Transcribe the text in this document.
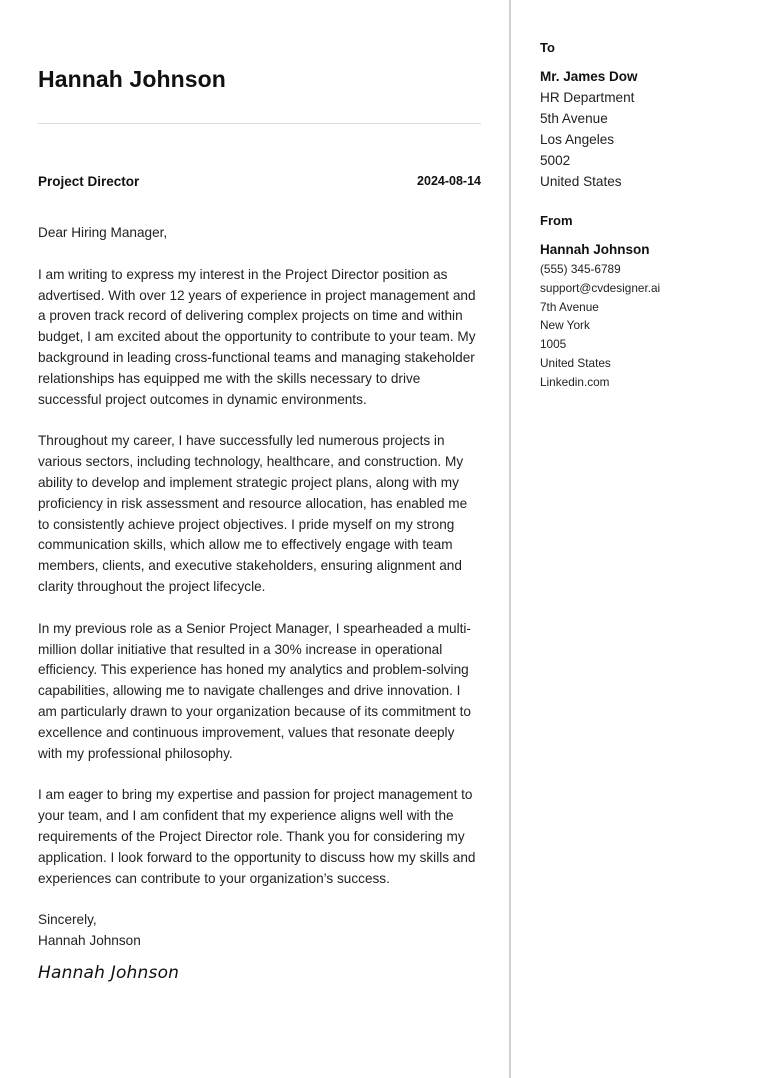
Hannah Johnson
Project Director	2024-08-14

Dear Hiring Manager,

I am writing to express my interest in the Project Director position as advertised. With over 12 years of experience in project management and a proven track record of delivering complex projects on time and within budget, I am excited about the opportunity to contribute to your team. My background in leading cross-functional teams and managing stakeholder relationships has equipped me with the skills necessary to drive successful project outcomes in dynamic environments.

Throughout my career, I have successfully led numerous projects in various sectors, including technology, healthcare, and construction. My ability to develop and implement strategic project plans, along with my proficiency in risk assessment and resource allocation, has enabled me to consistently achieve project objectives. I pride myself on my strong communication skills, which allow me to effectively engage with team members, clients, and executive stakeholders, ensuring alignment and clarity throughout the project lifecycle.

In my previous role as a Senior Project Manager, I spearheaded a multi-million dollar initiative that resulted in a 30% increase in operational efficiency. This experience has honed my analytics and problem-solving capabilities, allowing me to navigate challenges and drive innovation. I am particularly drawn to your organization because of its commitment to excellence and continuous improvement, values that resonate deeply with my professional philosophy.

I am eager to bring my expertise and passion for project management to your team, and I am confident that my experience aligns well with the requirements of the Project Director role. Thank you for considering my application. I look forward to the opportunity to discuss how my skills and experiences can contribute to your organization’s success.

Sincerely,

Hannah Johnson

Hannah Johnson

To

Mr. James Dow
HR Department
5th Avenue
Los Angeles
5002
United States

From

Hannah Johnson
(555) 345-6789
support@cvdesigner.ai
7th Avenue
New York
1005
United States
Linkedin.com
